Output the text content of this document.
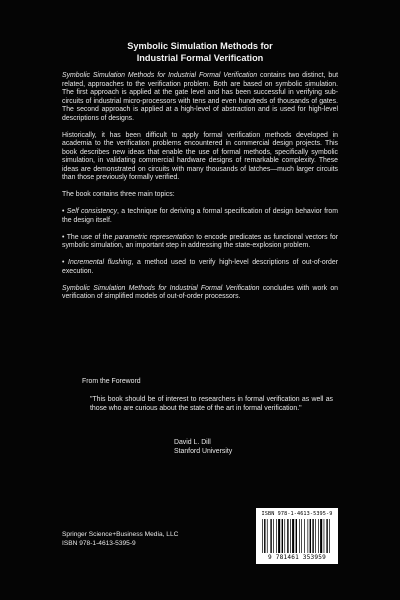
Symbolic Simulation Methods for
Industrial Formal Verification

Symbolic Simulation Methods for Industrial Formal Verification contains two distinct, but related, approaches to the verification problem. Both are based on symbolic simulation. The first approach is applied at the gate level and has been successful in verifying sub-circuits of industrial micro-processors with tens and even hundreds of thousands of gates. The second approach is applied at a high-level of abstraction and is used for high-level descriptions of designs.

Historically, it has been difficult to apply formal verification methods developed in academia to the verification problems encountered in commercial design projects. This book describes new ideas that enable the use of formal methods, specifically symbolic simulation, in validating commercial hardware designs of remarkable complexity. These ideas are demonstrated on circuits with many thousands of latches—much larger circuits than those previously formally verified.

The book contains three main topics:

• Self consistency, a technique for deriving a formal specification of design behavior from the design itself.

• The use of the parametric representation to encode predicates as functional vectors for symbolic simulation, an important step in addressing the state-explosion problem.

• Incremental flushing, a method used to verify high-level descriptions of out-of-order execution.

Symbolic Simulation Methods for Industrial Formal Verification concludes with work on verification of simplified models of out-of-order processors.

From the Foreword

"This book should be of interest to researchers in formal verification as well as those who are curious about the state of the art in formal verification."

David L. Dill
Stanford University
Springer Science+Business Media, LLC
ISBN 978-1-4613-5395-9
ISBN 978-1-4613-5395-9
9 781461 353959
